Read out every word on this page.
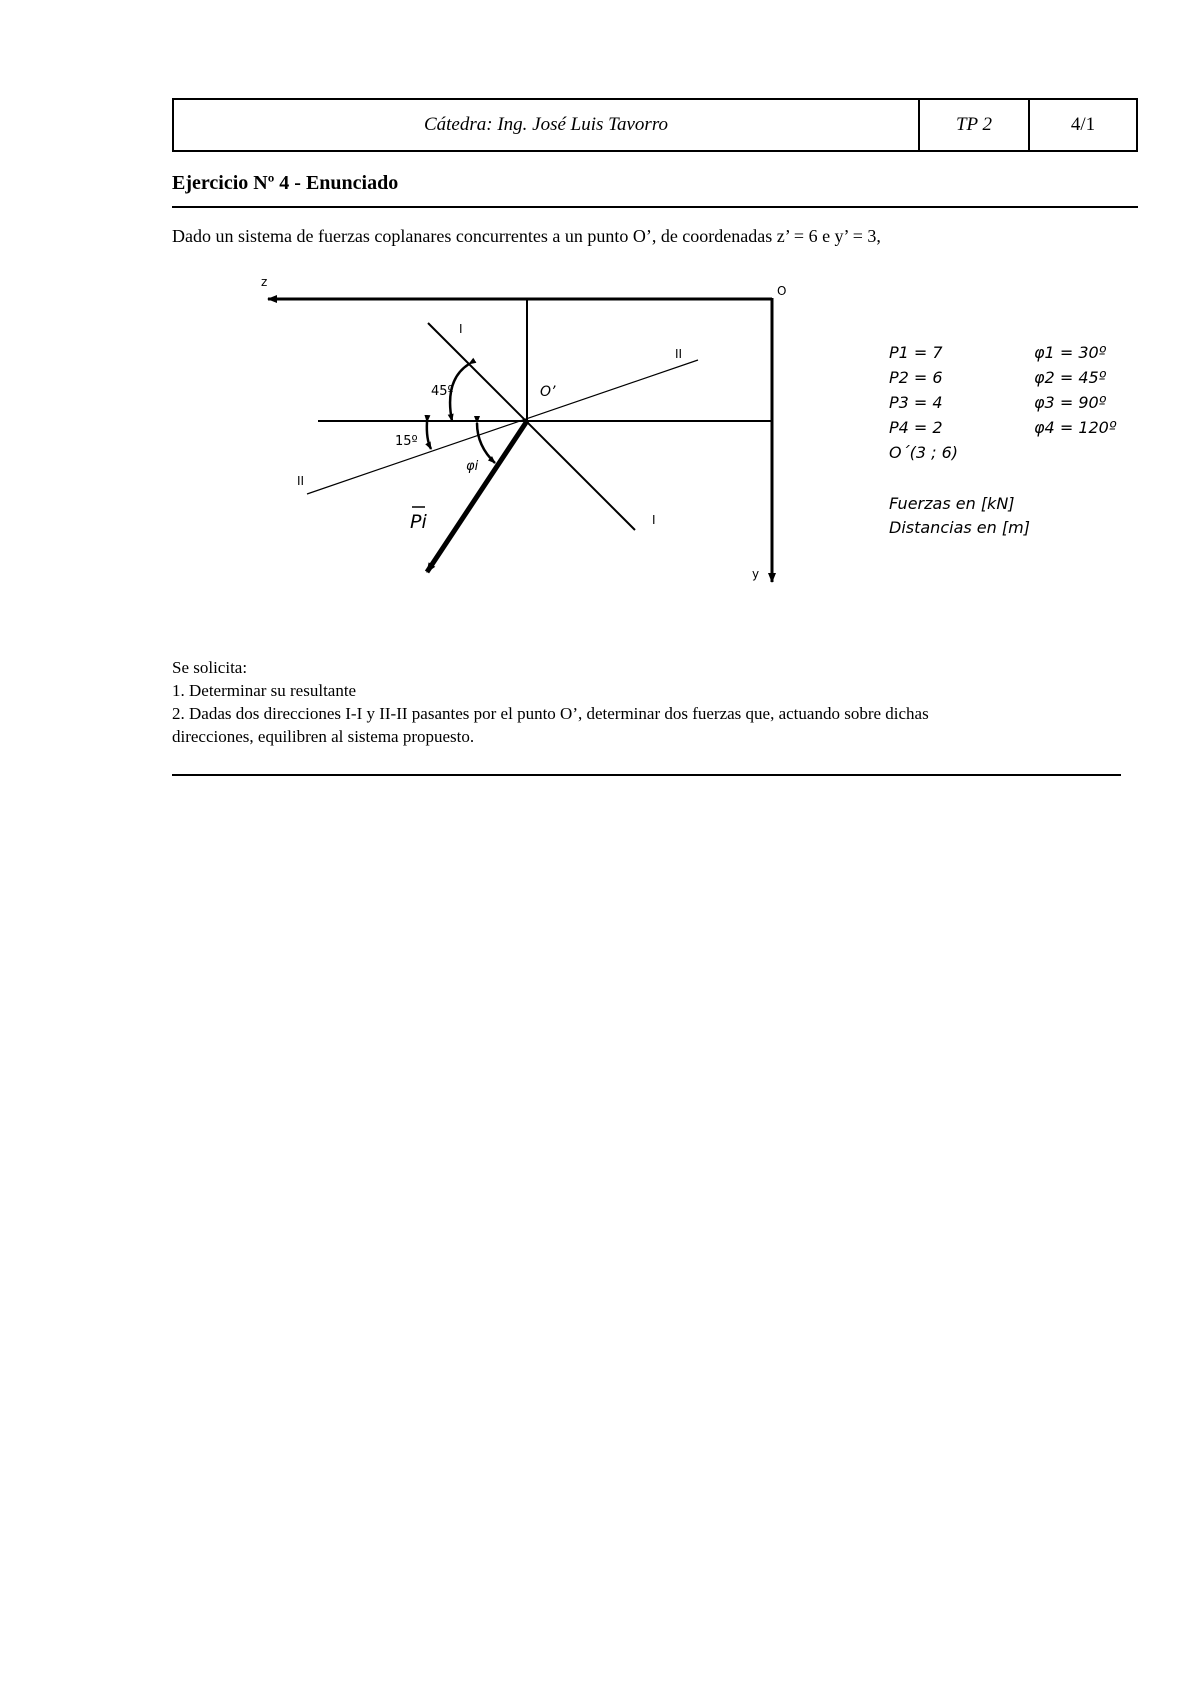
Cátedra: Ing. José Luis Tavorro	TP 2	4/1
Ejercicio Nº 4 - Enunciado
Dado un sistema de fuerzas coplanares concurrentes a un punto O’, de coordenadas z’ = 6 e y’ = 3,
z
O
y
O’
I
I
II
II
45º
15º
φi
Pi
P1 = 7	φ1 = 30º
P2 = 6	φ2 = 45º
P3 = 4	φ3 = 90º
P4 = 2	φ4 = 120º
O´(3 ; 6)
Fuerzas en [kN]
Distancias en [m]
Se solicita:
1. Determinar su resultante
2. Dadas dos direcciones I-I y II-II pasantes por el punto O’, determinar dos fuerzas que, actuando sobre dichas
direcciones, equilibren al sistema propuesto.
